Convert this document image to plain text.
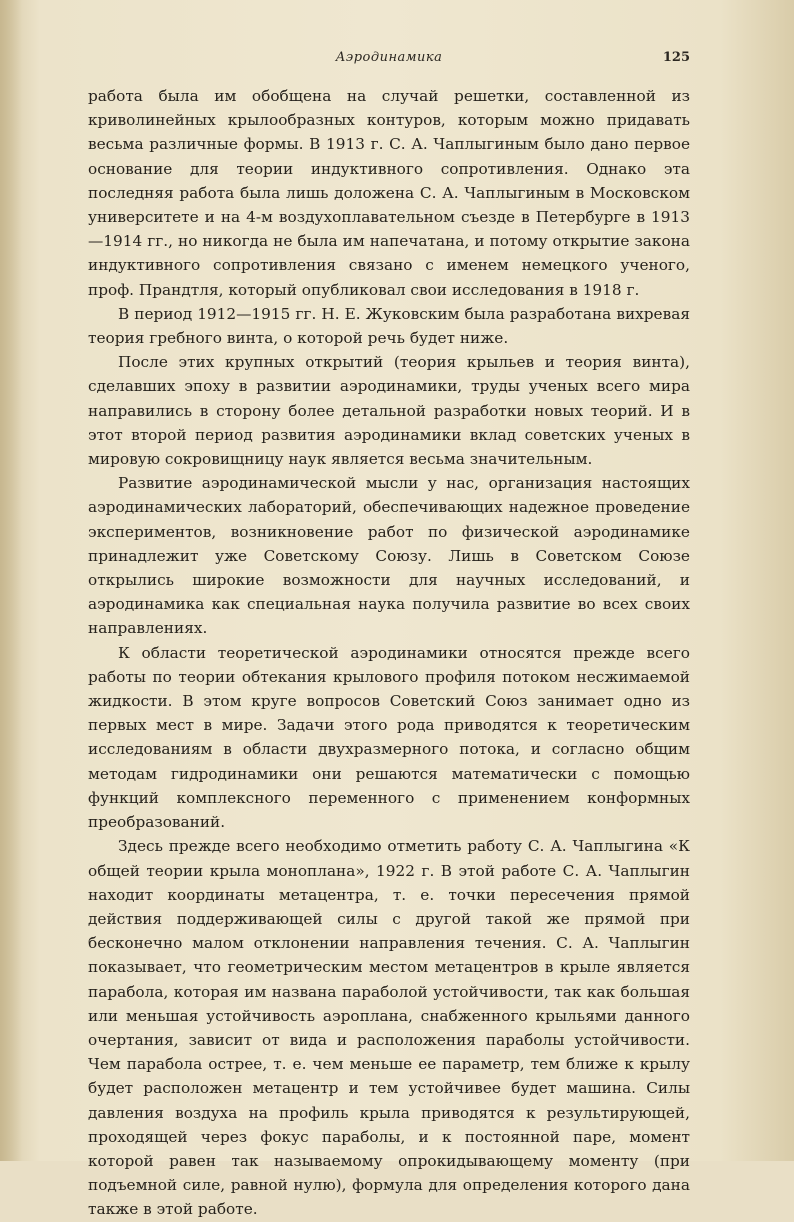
Аэродинамика	125

работа была им обобщена на случай решетки, составленной из криволинейных крылообразных контуров, которым можно придавать весьма различные формы. В 1913 г. С. А. Чаплыгиным было дано первое основание для теории индуктивного сопротивления. Однако эта последняя работа была лишь доложена С. А. Чаплыгиным в Московском университете и на 4-м воздухоплавательном съезде в Петербурге в 1913—1914 гг., но никогда не была им напечатана, и потому открытие закона индуктивного сопротивления связано с именем немецкого ученого, проф. Прандтля, который опубликовал свои исследования в 1918 г.

В период 1912—1915 гг. Н. Е. Жуковским была разработана вихревая теория гребного винта, о которой речь будет ниже.

После этих крупных открытий (теория крыльев и теория винта), сделавших эпоху в развитии аэродинамики, труды ученых всего мира направились в сторону более детальной разработки новых теорий. И в этот второй период развития аэродинамики вклад советских ученых в мировую сокровищницу наук является весьма значительным.

Развитие аэродинамической мысли у нас, организация настоящих аэродинамических лабораторий, обеспечивающих надежное проведение экспериментов, возникновение работ по физической аэродинамике принадлежит уже Советскому Союзу. Лишь в Советском Союзе открылись широкие возможности для научных исследований, и аэродинамика как специальная наука получила развитие во всех своих направлениях.

К области теоретической аэродинамики относятся прежде всего работы по теории обтекания крылового профиля потоком несжимаемой жидкости. В этом круге вопросов Советский Союз занимает одно из первых мест в мире. Задачи этого рода приводятся к теоретическим исследованиям в области двухразмерного потока, и согласно общим методам гидродинамики они решаются математически с помощью функций комплексного переменного с применением конформных преобразований.

Здесь прежде всего необходимо отметить работу С. А. Чаплыгина «К общей теории крыла моноплана», 1922 г. В этой работе С. А. Чаплыгин находит координаты метацентра, т. е. точки пересечения прямой действия поддерживающей силы с другой такой же прямой при бесконечно малом отклонении направления течения. С. А. Чаплыгин показывает, что геометрическим местом метацентров в крыле является парабола, которая им названа параболой устойчивости, так как большая или меньшая устойчивость аэроплана, снабженного крыльями данного очертания, зависит от вида и расположения параболы устойчивости. Чем парабола острее, т. е. чем меньше ее параметр, тем ближе к крылу будет расположен метацентр и тем устойчивее будет машина. Силы давления воздуха на профиль крыла приводятся к результирующей, проходящей через фокус параболы, и к постоянной паре, момент которой равен так называемому опрокидывающему моменту (при подъемной силе, равной нулю), формула для определения которого дана также в этой работе.
